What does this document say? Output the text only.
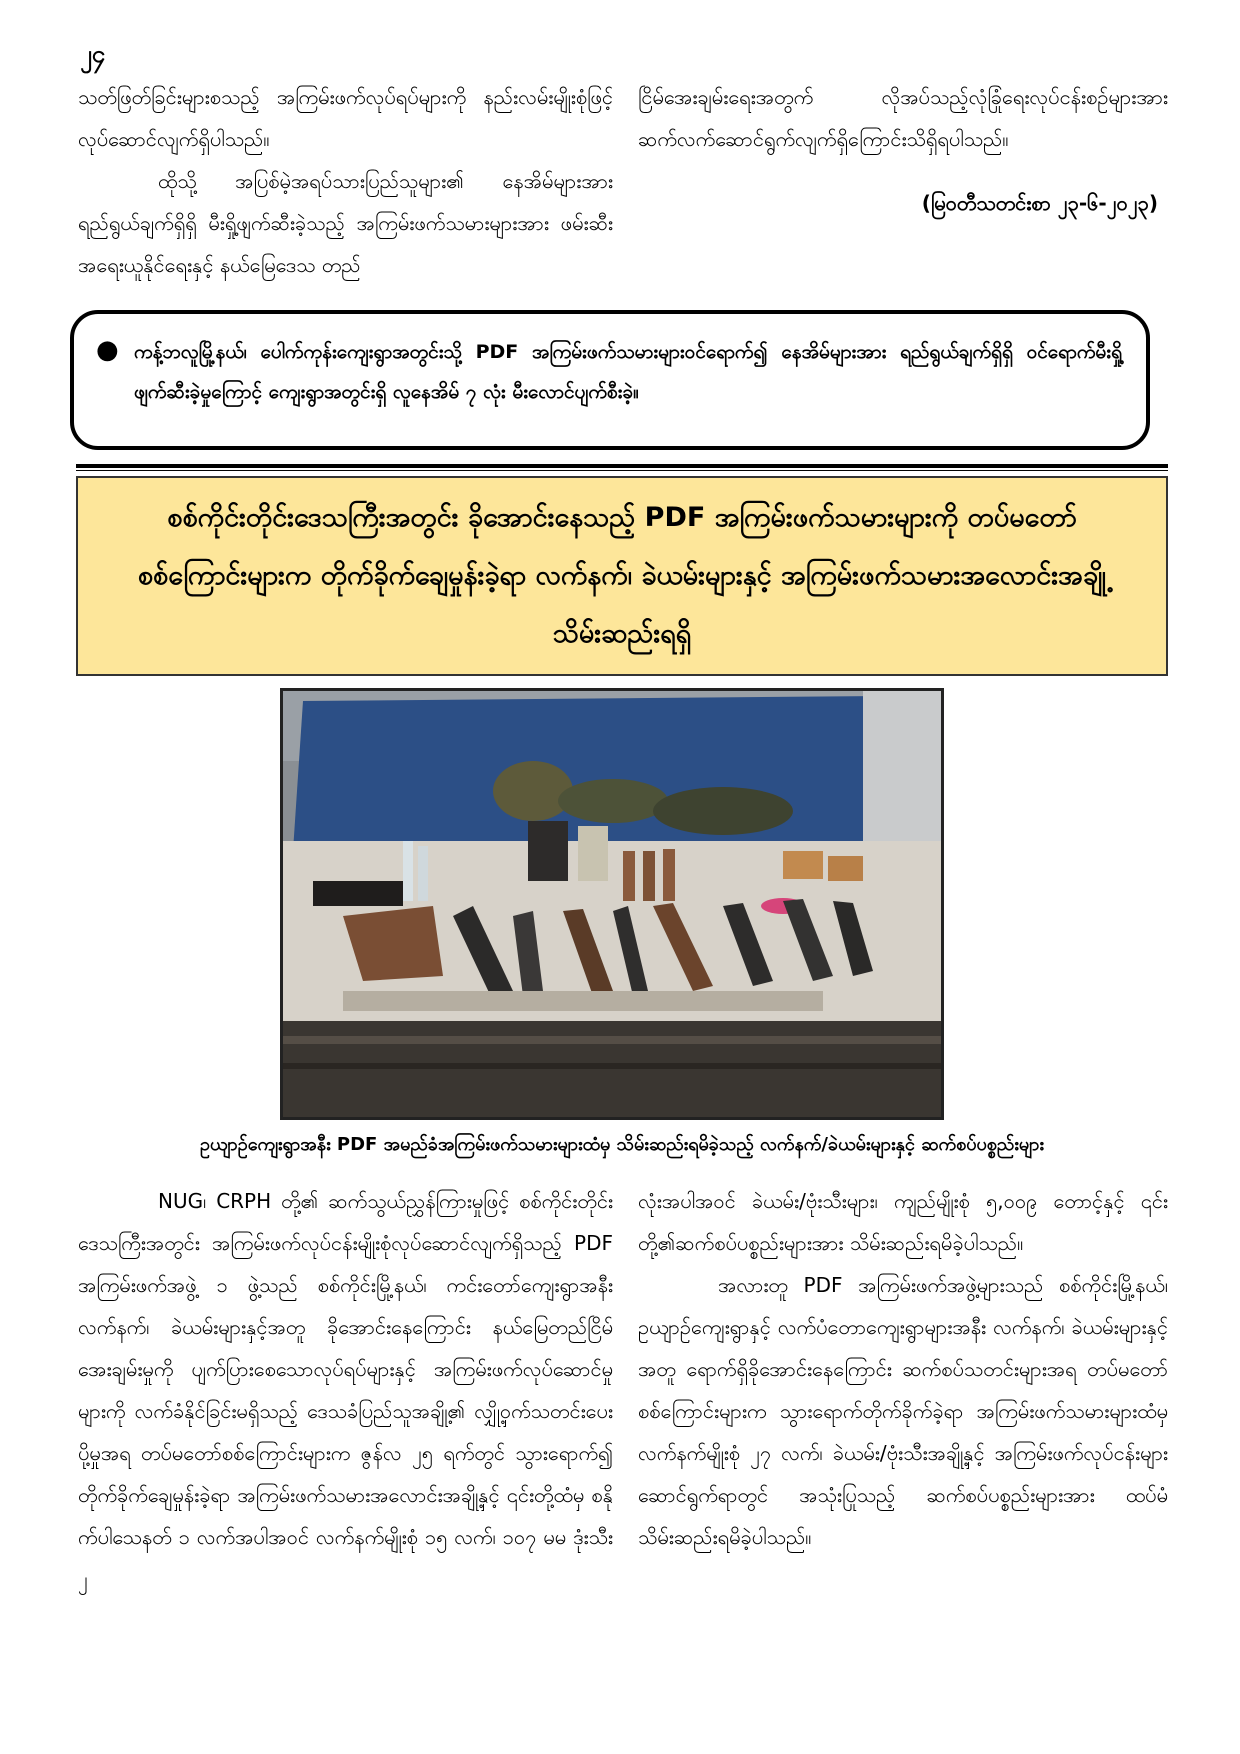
၂၄

သတ်ဖြတ်ခြင်းများစသည့် အကြမ်းဖက်လုပ်ရပ်များကို နည်းလမ်းမျိုးစုံဖြင့် လုပ်ဆောင်လျက်ရှိပါသည်။

ထိုသို့ အပြစ်မဲ့အရပ်သားပြည်သူများ၏ နေအိမ်များအား ရည်ရွယ်ချက်ရှိရှိ မီးရှို့ဖျက်ဆီးခဲ့သည့် အကြမ်းဖက်သမားများအား ဖမ်းဆီးအရေးယူနိုင်ရေးနှင့် နယ်မြေဒေသ တည်

ငြိမ်အေးချမ်းရေးအတွက် လိုအပ်သည့်လုံခြုံရေးလုပ်ငန်းစဉ်များအား ဆက်လက်ဆောင်ရွက်လျက်ရှိကြောင်းသိရှိရပါသည်။

(မြဝတီသတင်းစာ ၂၃-၆-၂၀၂၃)

● ကန့်ဘလူမြို့နယ်၊ ပေါက်ကုန်းကျေးရွာအတွင်းသို့ PDF အကြမ်းဖက်သမားများဝင်ရောက်၍ နေအိမ်များအား ရည်ရွယ်ချက်ရှိရှိ ဝင်ရောက်မီးရှို့ဖျက်ဆီးခဲ့မှုကြောင့် ကျေးရွာအတွင်းရှိ လူနေအိမ် ၇ လုံး မီးလောင်ပျက်စီးခဲ့။
စစ်ကိုင်းတိုင်းဒေသကြီးအတွင်း ခိုအောင်းနေသည့် PDF အကြမ်းဖက်သမားများကို တပ်မတော်စစ်ကြောင်းများက တိုက်ခိုက်ချေမှုန်းခဲ့ရာ လက်နက်၊ ခဲယမ်းများနှင့် အကြမ်းဖက်သမားအလောင်းအချို့ သိမ်းဆည်းရရှိ
ဥယျာဉ်ကျေးရွာအနီး PDF အမည်ခံအကြမ်းဖက်သမားများထံမှ သိမ်းဆည်းရမိခဲ့သည့် လက်နက်/ခဲယမ်းများနှင့် ဆက်စပ်ပစ္စည်းများ

NUG၊ CRPH တို့၏ ဆက်သွယ်ညွှန်ကြားမှုဖြင့် စစ်ကိုင်းတိုင်းဒေသကြီးအတွင်း အကြမ်းဖက်လုပ်ငန်းမျိုးစုံလုပ်ဆောင်လျက်ရှိသည့် PDF အကြမ်းဖက်အဖွဲ့ ၁ ဖွဲ့သည် စစ်ကိုင်းမြို့နယ်၊ ကင်းတော်ကျေးရွာအနီး လက်နက်၊ ခဲယမ်းများနှင့်အတူ ခိုအောင်းနေကြောင်း နယ်မြေတည်ငြိမ်အေးချမ်းမှုကို ပျက်ပြားစေသောလုပ်ရပ်များနှင့် အကြမ်းဖက်လုပ်ဆောင်မှုများကို လက်ခံနိုင်ခြင်းမရှိသည့် ဒေသခံပြည်သူအချို့၏ လျှို့ဝှက်သတင်းပေးပို့မှုအရ တပ်မတော်စစ်ကြောင်းများက ဇွန်လ ၂၅ ရက်တွင် သွားရောက်၍ တိုက်ခိုက်ချေမှုန်းခဲ့ရာ အကြမ်းဖက်သမားအလောင်းအချို့နှင့် ၎င်းတို့ထံမှ စနိုက်ပါသေနတ် ၁ လက်အပါအဝင် လက်နက်မျိုးစုံ ၁၅ လက်၊ ၁၀၇ မမ ဒုံးသီး ၂

လုံးအပါအဝင် ခဲယမ်း/ဗုံးသီးများ၊ ကျည်မျိုးစုံ ၅,၀၀၉ တောင့်နှင့် ၎င်းတို့၏ဆက်စပ်ပစ္စည်းများအား သိမ်းဆည်းရမိခဲ့ပါသည်။

အလားတူ PDF အကြမ်းဖက်အဖွဲ့များသည် စစ်ကိုင်းမြို့နယ်၊ ဥယျာဉ်ကျေးရွာနှင့် လက်ပံတောကျေးရွာများအနီး လက်နက်၊ ခဲယမ်းများနှင့်အတူ ရောက်ရှိခိုအောင်းနေကြောင်း ဆက်စပ်သတင်းများအရ တပ်မတော်စစ်ကြောင်းများက သွားရောက်တိုက်ခိုက်ခဲ့ရာ အကြမ်းဖက်သမားများထံမှ လက်နက်မျိုးစုံ ၂၇ လက်၊ ခဲယမ်း/ဗုံးသီးအချို့နှင့် အကြမ်းဖက်လုပ်ငန်းများဆောင်ရွက်ရာတွင် အသုံးပြုသည့် ဆက်စပ်ပစ္စည်းများအား ထပ်မံသိမ်းဆည်းရမိခဲ့ပါသည်။
